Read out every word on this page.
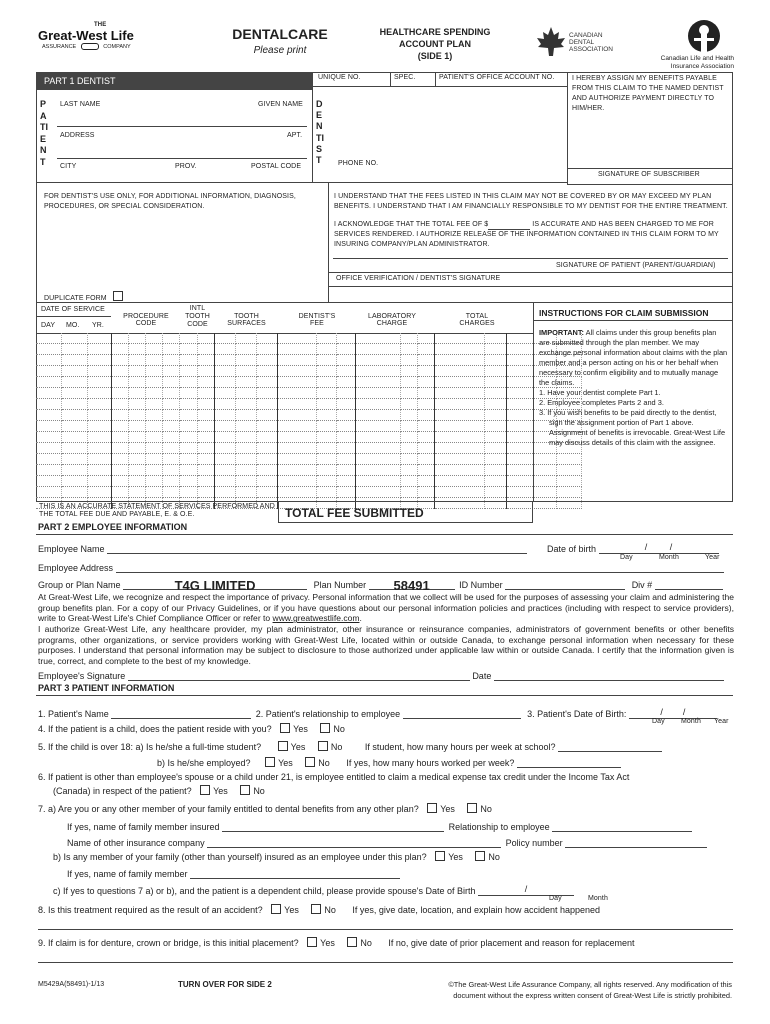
THE
Great-West Life
ASSURANCE	COMPANY
DENTALCARE
Please print
HEALTHCARE SPENDING
ACCOUNT PLAN
(SIDE 1)
CANADIAN DENTAL ASSOCIATION
Canadian Life and Health
Insurance Association
PART 1 DENTIST	UNIQUE NO.	SPEC.	PATIENT'S OFFICE ACCOUNT NO.	I HEREBY ASSIGN MY BENEFITS PAYABLE FROM THIS CLAIM TO THE NAMED DENTIST AND AUTHORIZE PAYMENT DIRECTLY TO HIM/HER.
SIGNATURE OF SUBSCRIBER
PATIENT
LAST NAME	GIVEN NAME
ADDRESS	APT.
CITY	PROV.	POSTAL CODE
DENTIST	PHONE NO.
FOR DENTIST'S USE ONLY, FOR ADDITIONAL INFORMATION, DIAGNOSIS, PROCEDURES, OR SPECIAL CONSIDERATION.
I UNDERSTAND THAT THE FEES LISTED IN THIS CLAIM MAY NOT BE COVERED BY OR MAY EXCEED MY PLAN BENEFITS. I UNDERSTAND THAT I AM FINANCIALLY RESPONSIBLE TO MY DENTIST FOR THE ENTIRE TREATMENT.
I ACKNOWLEDGE THAT THE TOTAL FEE OF $	IS ACCURATE AND HAS BEEN CHARGED TO ME FOR SERVICES RENDERED. I AUTHORIZE RELEASE OF THE INFORMATION CONTAINED IN THIS CLAIM FORM TO MY INSURING COMPANY/PLAN ADMINISTRATOR.
SIGNATURE OF PATIENT (PARENT/GUARDIAN)
OFFICE VERIFICATION / DENTIST'S SIGNATURE
DUPLICATE FORM
DATE OF SERVICE
DAY MO. YR.
PROCEDURE
CODE
INTL
TOOTH
CODE
TOOTH
SURFACES
DENTIST'S
FEE
LABORATORY
CHARGE
TOTAL
CHARGES

THIS IS AN ACCURATE STATEMENT OF SERVICES PERFORMED AND THE TOTAL FEE DUE AND PAYABLE, E. & O.E.	TOTAL FEE SUBMITTED
INSTRUCTIONS FOR CLAIM SUBMISSION
IMPORTANT: All claims under this group benefits plan are submitted through the plan member. We may exchange personal information about claims with the plan member and a person acting on his or her behalf when necessary to confirm eligibility and to mutually manage the claims.
1. Have your dentist complete Part 1.
2. Employee completes Parts 2 and 3.
3. If you wish benefits to be paid directly to the dentist, sign the assignment portion of Part 1 above. Assignment of benefits is irrevocable. Great-West Life may discuss details of this claim with the assignee.
PART 2 EMPLOYEE INFORMATION
Employee Name	Date of birth	/         /
Day	Month	Year
Employee Address
Group or Plan Name	T4G LIMITED	Plan Number 58491	ID Number	Div #
At Great-West Life, we recognize and respect the importance of privacy. Personal information that we collect will be used for the purposes of assessing your claim and administering the group benefits plan. For a copy of our Privacy Guidelines, or if you have questions about our personal information policies and practices (including with respect to service providers), write to Great-West Life's Chief Compliance Officer or refer to www.greatwestlife.com.
I authorize Great-West Life, any healthcare provider, my plan administrator, other insurance or reinsurance companies, administrators of government benefits or other benefits programs, other organizations, or service providers working with Great-West Life, located within or outside Canada, to exchange personal information when necessary for these purposes. I understand that personal information may be subject to disclosure to those authorized under applicable law within or outside Canada. I certify that the information given is true, correct, and complete to the best of my knowledge.
Employee's Signature	Date
PART 3 PATIENT INFORMATION
1. Patient's Name	2. Patient's relationship to employee	3. Patient's Date of Birth:	/        /
Day Month Year
4. If the patient is a child, does the patient reside with you? Yes	No
5. If the child is over 18: a) Is he/she a full-time student?	Yes	No	If student, how many hours per week at school?
b) Is he/she employed?	Yes	No If yes, how many hours worked per week?
6. If patient is other than employee's spouse or a child under 21, is employee entitled to claim a medical expense tax credit under the Income Tax Act
(Canada) in respect of the patient? Yes	No
7. a) Are you or any other member of your family entitled to dental benefits from any other plan? Yes	No
If yes, name of family member insured	Relationship to employee
Name of other insurance company	Policy number
b) Is any member of your family (other than yourself) insured as an employee under this plan? Yes	No
If yes, name of family member
c) If yes to questions 7 a) or b), and the patient is a dependent child, please provide spouse's Date of Birth	/
Day	Month
8. Is this treatment required as the result of an accident? Yes	No If yes, give date, location, and explain how accident happened
9. If claim is for denture, crown or bridge, is this initial placement? Yes	No If no, give date of prior placement and reason for replacement
M5429A(58491)-1/13	TURN OVER FOR SIDE 2	©The Great-West Life Assurance Company, all rights reserved. Any modification of this
document without the express written consent of Great-West Life is strictly prohibited.
